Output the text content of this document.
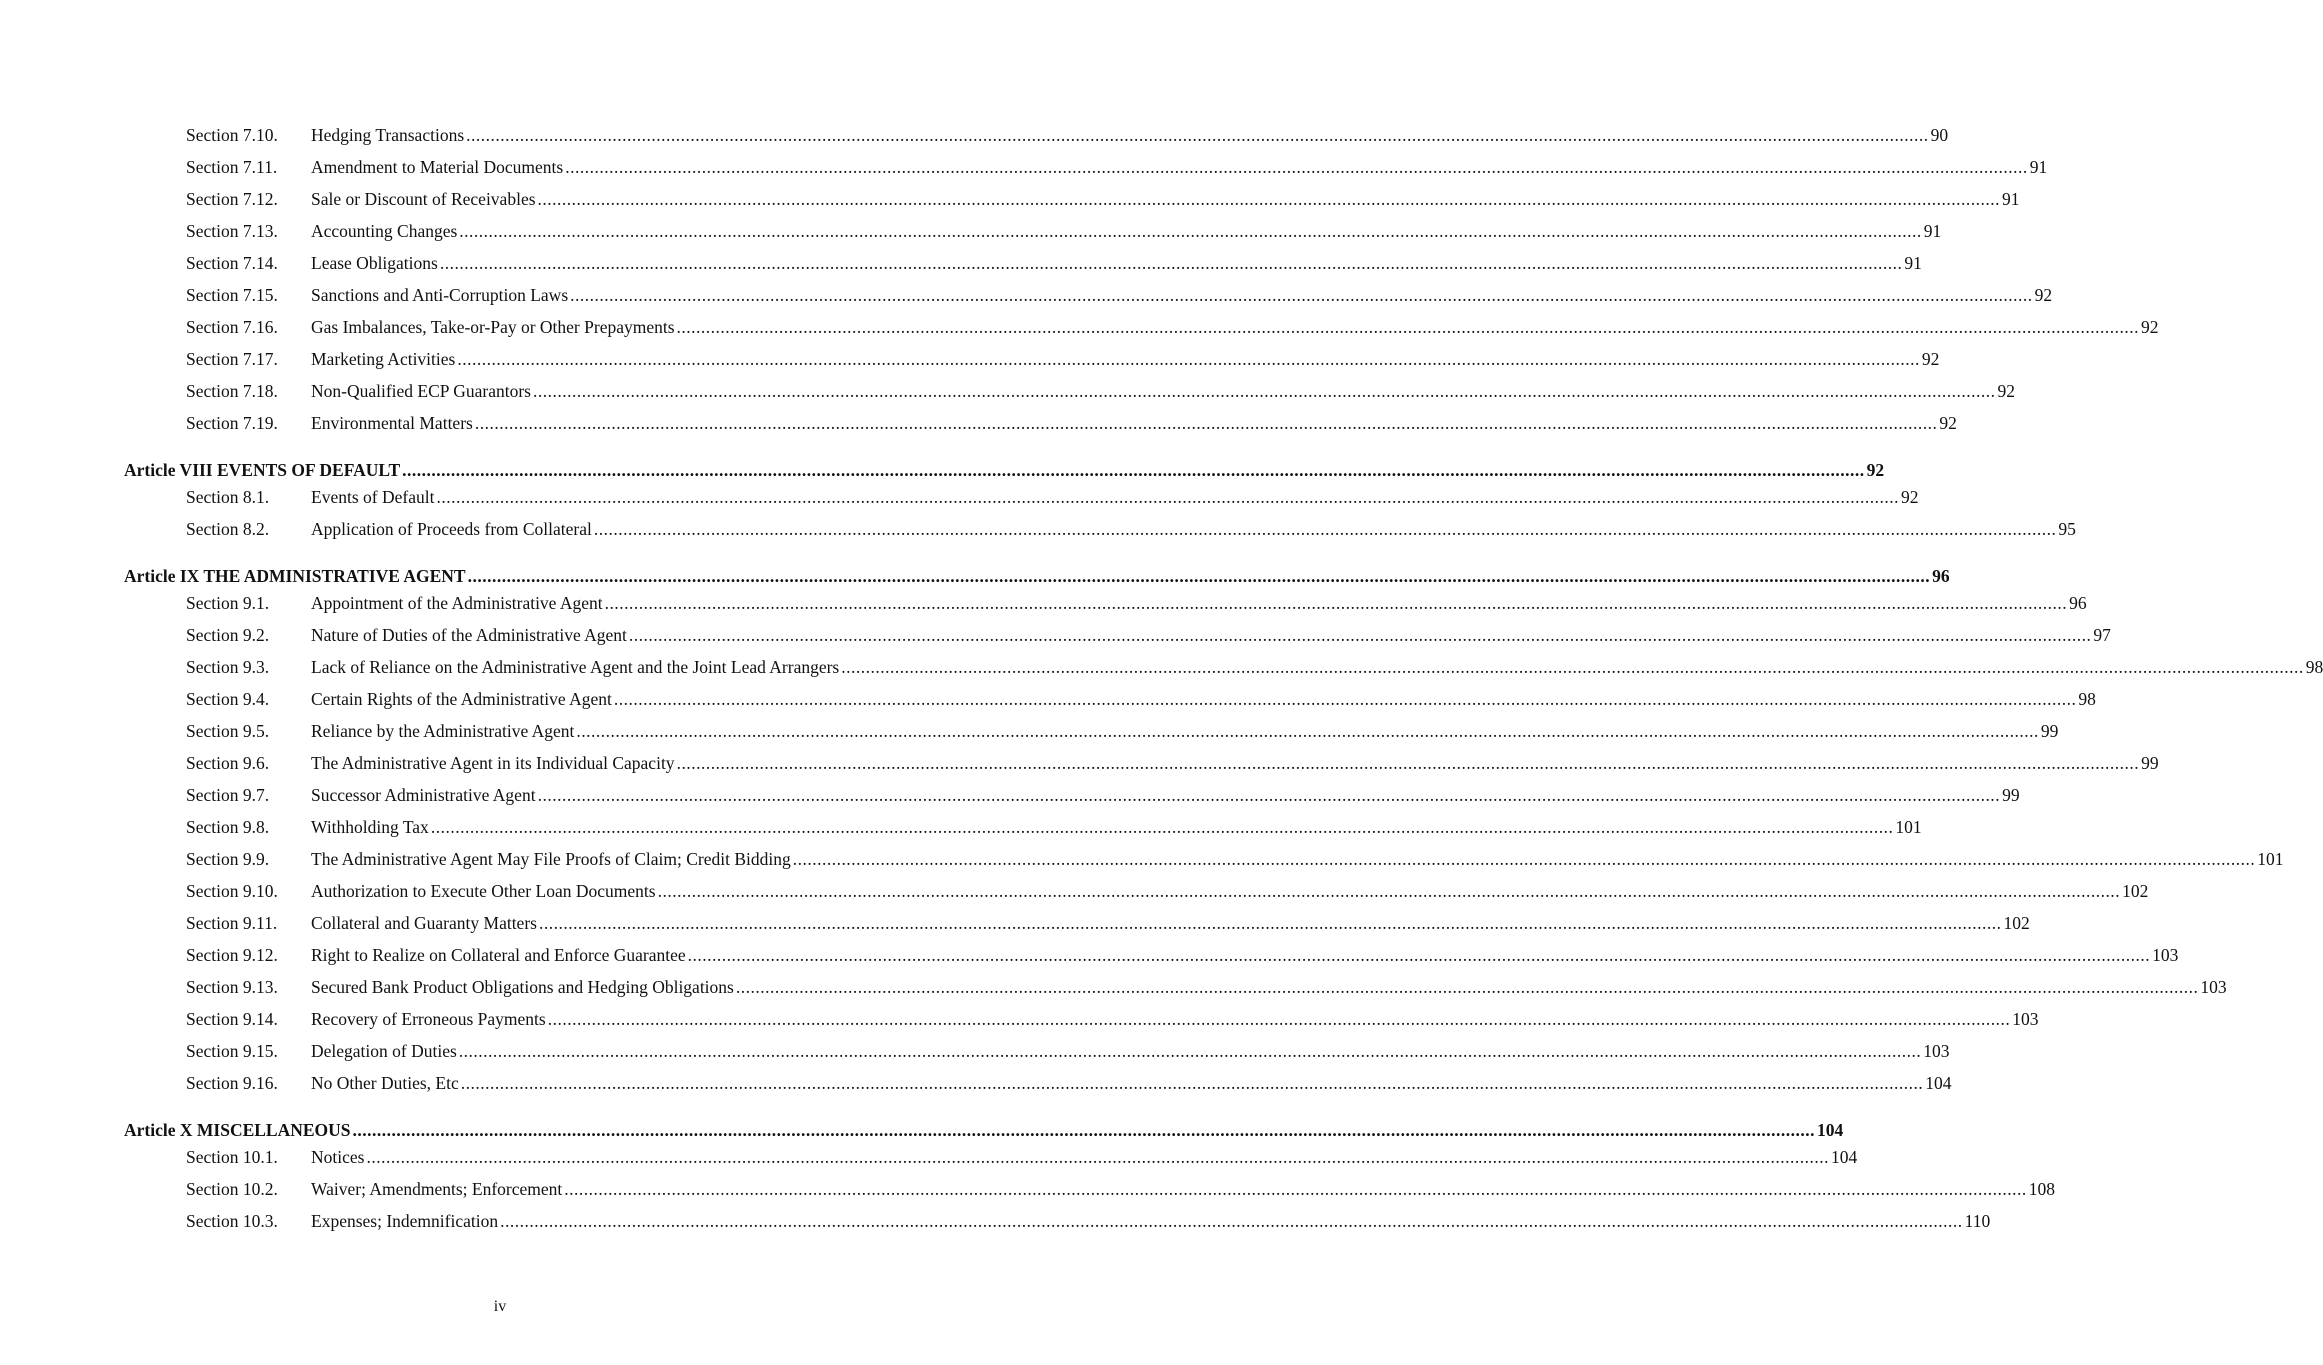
Section 7.10.	Hedging Transactions ............................................................................................................................................................................................................................................................................................................ 90
Section 7.11.	Amendment to Material Documents ............................................................................................................................................................................................................................................................................................................ 91
Section 7.12.	Sale or Discount of Receivables ............................................................................................................................................................................................................................................................................................................ 91
Section 7.13.	Accounting Changes ............................................................................................................................................................................................................................................................................................................ 91
Section 7.14.	Lease Obligations ............................................................................................................................................................................................................................................................................................................ 91
Section 7.15.	Sanctions and Anti-Corruption Laws ............................................................................................................................................................................................................................................................................................................ 92
Section 7.16.	Gas Imbalances, Take-or-Pay or Other Prepayments ............................................................................................................................................................................................................................................................................................................ 92
Section 7.17.	Marketing Activities ............................................................................................................................................................................................................................................................................................................ 92
Section 7.18.	Non-Qualified ECP Guarantors ............................................................................................................................................................................................................................................................................................................ 92
Section 7.19.	Environmental Matters ............................................................................................................................................................................................................................................................................................................ 92
Article VIII EVENTS OF DEFAULT ............................................................................................................................................................................................................................................................................................................ 92
Section 8.1.	Events of Default ............................................................................................................................................................................................................................................................................................................ 92
Section 8.2.	Application of Proceeds from Collateral ............................................................................................................................................................................................................................................................................................................ 95
Article IX THE ADMINISTRATIVE AGENT ............................................................................................................................................................................................................................................................................................................ 96
Section 9.1.	Appointment of the Administrative Agent ............................................................................................................................................................................................................................................................................................................ 96
Section 9.2.	Nature of Duties of the Administrative Agent ............................................................................................................................................................................................................................................................................................................ 97
Section 9.3.	Lack of Reliance on the Administrative Agent and the Joint Lead Arrangers ............................................................................................................................................................................................................................................................................................................ 98
Section 9.4.	Certain Rights of the Administrative Agent ............................................................................................................................................................................................................................................................................................................ 98
Section 9.5.	Reliance by the Administrative Agent ............................................................................................................................................................................................................................................................................................................ 99
Section 9.6.	The Administrative Agent in its Individual Capacity ............................................................................................................................................................................................................................................................................................................ 99
Section 9.7.	Successor Administrative Agent ............................................................................................................................................................................................................................................................................................................ 99
Section 9.8.	Withholding Tax ............................................................................................................................................................................................................................................................................................................ 101
Section 9.9.	The Administrative Agent May File Proofs of Claim; Credit Bidding ............................................................................................................................................................................................................................................................................................................ 101
Section 9.10.	Authorization to Execute Other Loan Documents ............................................................................................................................................................................................................................................................................................................ 102
Section 9.11.	Collateral and Guaranty Matters ............................................................................................................................................................................................................................................................................................................ 102
Section 9.12.	Right to Realize on Collateral and Enforce Guarantee ............................................................................................................................................................................................................................................................................................................ 103
Section 9.13.	Secured Bank Product Obligations and Hedging Obligations ............................................................................................................................................................................................................................................................................................................ 103
Section 9.14.	Recovery of Erroneous Payments ............................................................................................................................................................................................................................................................................................................ 103
Section 9.15.	Delegation of Duties ............................................................................................................................................................................................................................................................................................................ 103
Section 9.16.	No Other Duties, Etc ............................................................................................................................................................................................................................................................................................................ 104
Article X MISCELLANEOUS ............................................................................................................................................................................................................................................................................................................ 104
Section 10.1.	Notices ............................................................................................................................................................................................................................................................................................................ 104
Section 10.2.	Waiver; Amendments; Enforcement ............................................................................................................................................................................................................................................................................................................ 108
Section 10.3.	Expenses; Indemnification ............................................................................................................................................................................................................................................................................................................ 110
iv
